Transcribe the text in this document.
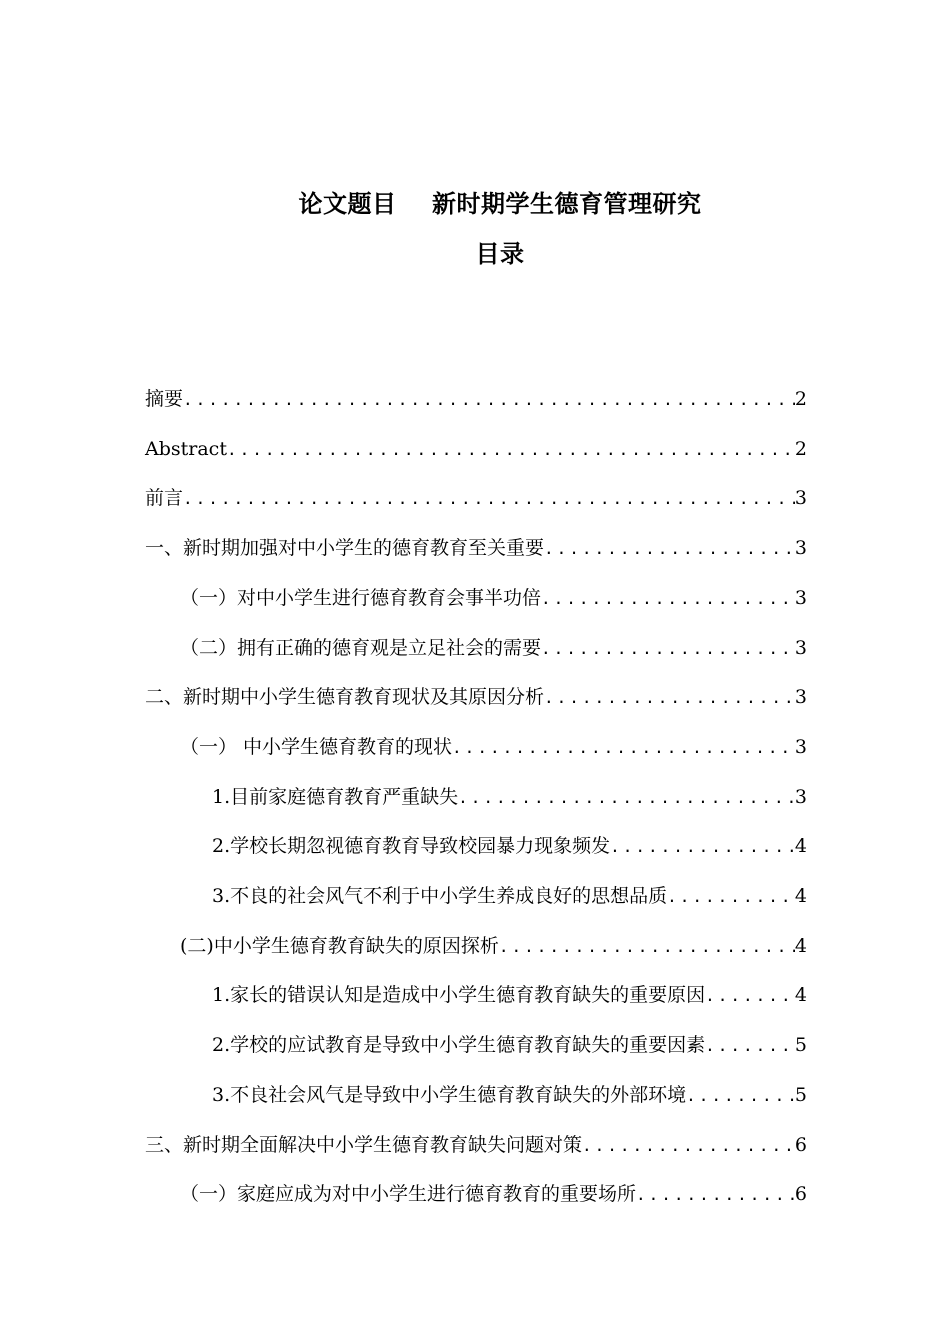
论文题目    新时期学生德育管理研究
目录
摘要 .....	2
Abstract .....	2
前言 .....	3
一、新时期加强对中小学生的德育教育至关重要 .....	3
（一）对中小学生进行德育教育会事半功倍 .....	3
（二）拥有正确的德育观是立足社会的需要 .....	3
二、新时期中小学生德育教育现状及其原因分析 .....	3
（一） 中小学生德育教育的现状 .....	3
1.目前家庭德育教育严重缺失 .....	3
2.学校长期忽视德育教育导致校园暴力现象频发 .....	4
3.不良的社会风气不利于中小学生养成良好的思想品质 .....	4
(二)中小学生德育教育缺失的原因探析 .....	4
1.家长的错误认知是造成中小学生德育教育缺失的重要原因 .....	4
2.学校的应试教育是导致中小学生德育教育缺失的重要因素 .....	5
3.不良社会风气是导致中小学生德育教育缺失的外部环境 .....	5
三、新时期全面解决中小学生德育教育缺失问题对策 .....	6
（一）家庭应成为对中小学生进行德育教育的重要场所 .....	6
